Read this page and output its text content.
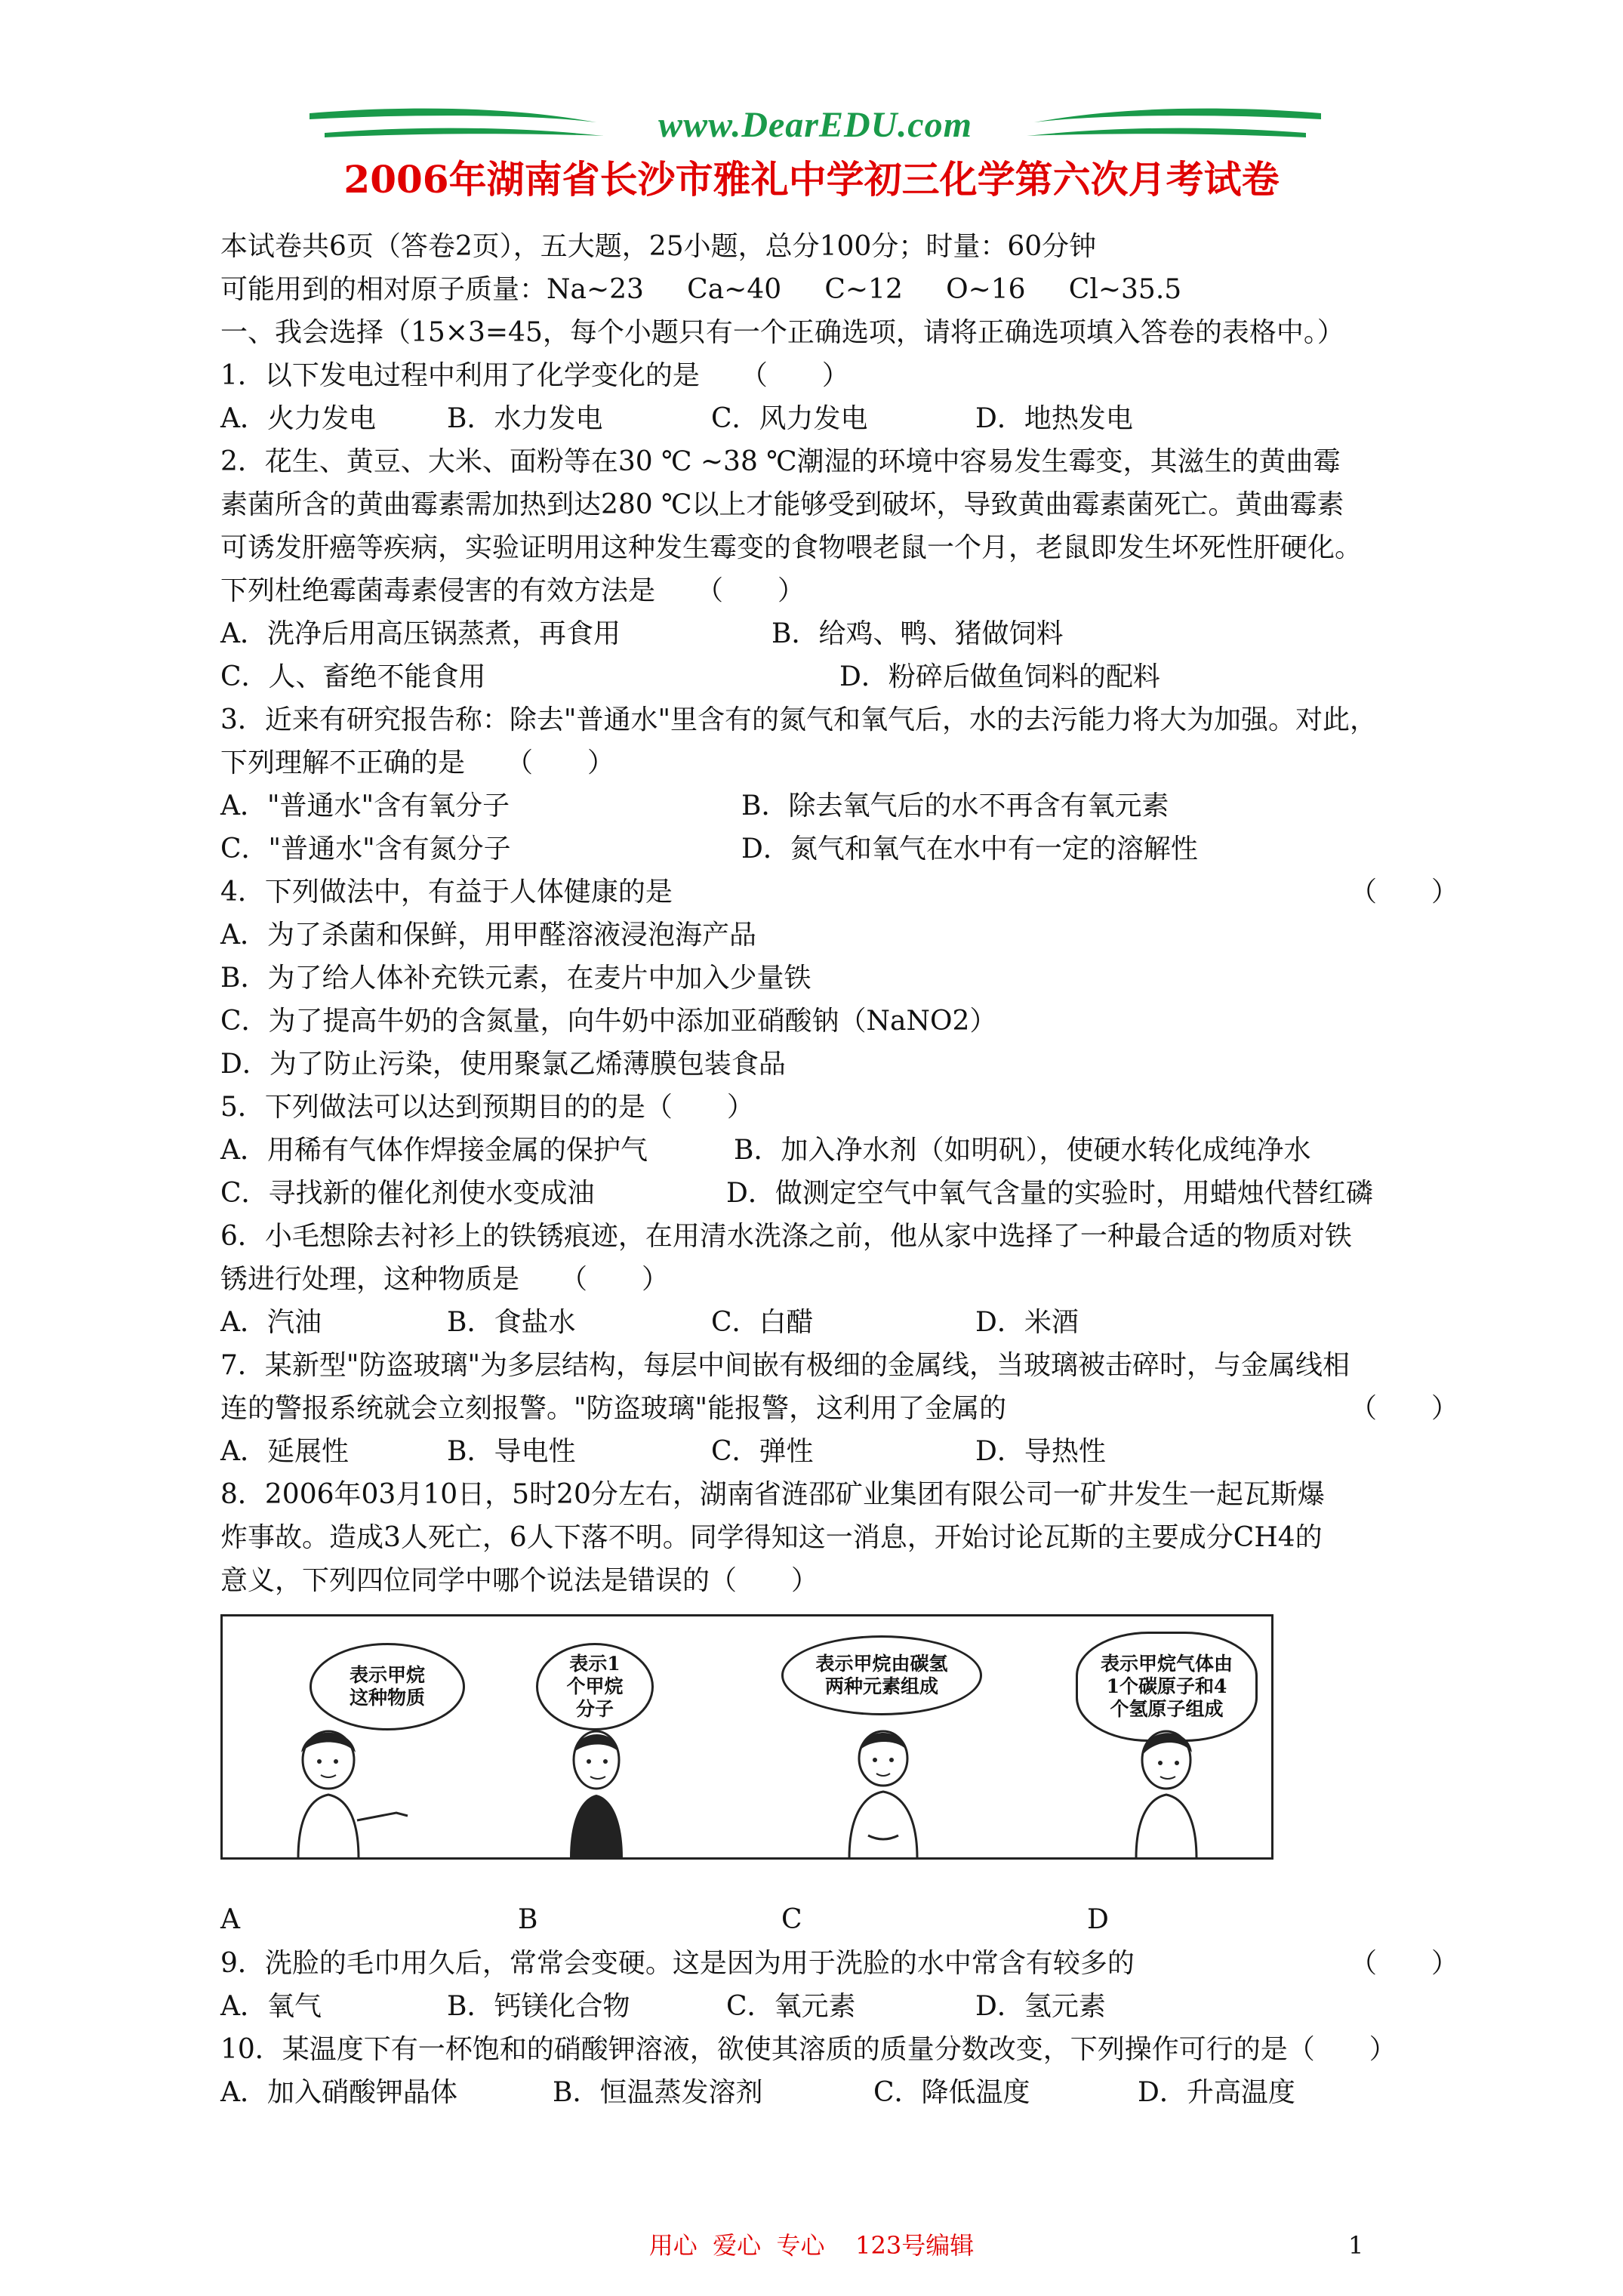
www.DearEDU.com
2006年湖南省长沙市雅礼中学初三化学第六次月考试卷
本试卷共6页（答卷2页），五大题，25小题，总分100分；时量：60分钟
可能用到的相对原子质量：Na~23     Ca~40     C~12     O~16     Cl~35.5
一、我会选择（15×3=45，每个小题只有一个正确选项，请将正确选项填入答卷的表格中。）
1．以下发电过程中利用了化学变化的是　　（　　）
A．火力发电	B．水力发电	C．风力发电	D．地热发电
2．花生、黄豆、大米、面粉等在30 ℃ ~38 ℃潮湿的环境中容易发生霉变，其滋生的黄曲霉
素菌所含的黄曲霉素需加热到达280 ℃以上才能够受到破坏，导致黄曲霉素菌死亡。黄曲霉素
可诱发肝癌等疾病，实验证明用这种发生霉变的食物喂老鼠一个月，老鼠即发生坏死性肝硬化。
下列杜绝霉菌毒素侵害的有效方法是　　（　　）
A．洗净后用高压锅蒸煮，再食用	B．给鸡、鸭、猪做饲料
C．人、畜绝不能食用	D．粉碎后做鱼饲料的配料
3．近来有研究报告称：除去"普通水"里含有的氮气和氧气后，水的去污能力将大为加强。对此，
下列理解不正确的是　　（　　）
A．"普通水"含有氧分子	B．除去氧气后的水不再含有氧元素
C．"普通水"含有氮分子	D．氮气和氧气在水中有一定的溶解性
4．下列做法中，有益于人体健康的是	（　　）
A．为了杀菌和保鲜，用甲醛溶液浸泡海产品
B．为了给人体补充铁元素，在麦片中加入少量铁
C．为了提高牛奶的含氮量，向牛奶中添加亚硝酸钠（NaNO2）
D．为了防止污染，使用聚氯乙烯薄膜包装食品
5．下列做法可以达到预期目的的是（　　）
A．用稀有气体作焊接金属的保护气	B．加入净水剂（如明矾），使硬水转化成纯净水
C．寻找新的催化剂使水变成油	D．做测定空气中氧气含量的实验时，用蜡烛代替红磷
6．小毛想除去衬衫上的铁锈痕迹，在用清水洗涤之前，他从家中选择了一种最合适的物质对铁
锈进行处理，这种物质是　　（　　）
A．汽油	B．食盐水	C．白醋	D．米酒
7．某新型"防盗玻璃"为多层结构，每层中间嵌有极细的金属线，当玻璃被击碎时，与金属线相
连的警报系统就会立刻报警。"防盗玻璃"能报警，这利用了金属的	（　　）
A．延展性	B．导电性	C．弹性	D．导热性
8．2006年03月10日，5时20分左右，湖南省涟邵矿业集团有限公司一矿井发生一起瓦斯爆
炸事故。造成3人死亡，6人下落不明。同学得知这一消息，开始讨论瓦斯的主要成分CH4的
意义，下列四位同学中哪个说法是错误的（　　）
表示甲烷这种物质
表示1个甲烷分子
表示甲烷由碳氢两种元素组成
表示甲烷气体由1个碳原子和4个氢原子组成
A	B	C	D
9．洗脸的毛巾用久后，常常会变硬。这是因为用于洗脸的水中常含有较多的	（　　）
A．氧气	B．钙镁化合物	C．氧元素	D．氢元素
10．某温度下有一杯饱和的硝酸钾溶液，欲使其溶质的质量分数改变，下列操作可行的是（　　）
A．加入硝酸钾晶体	B．恒温蒸发溶剂	C．降低温度	D．升高温度
用心  爱心  专心    123号编辑	1
